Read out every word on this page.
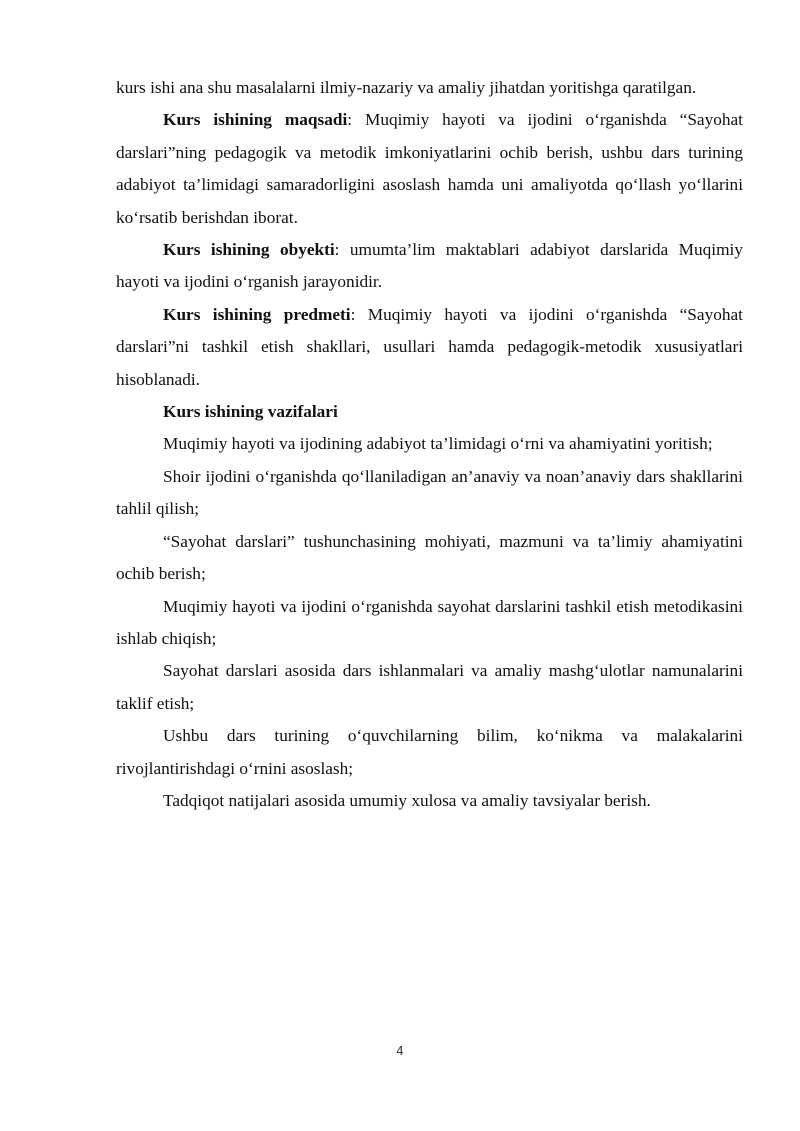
kurs ishi ana shu masalalarni ilmiy-nazariy va amaliy jihatdan yoritishga qaratilgan.

Kurs ishining maqsadi: Muqimiy hayoti va ijodini o‘rganishda “Sayohat darslari”ning pedagogik va metodik imkoniyatlarini ochib berish, ushbu dars turining adabiyot ta’limidagi samaradorligini asoslash hamda uni amaliyotda qo‘llash yo‘llarini ko‘rsatib berishdan iborat.

Kurs ishining obyekti: umumta’lim maktablari adabiyot darslarida Muqimiy hayoti va ijodini o‘rganish jarayonidir.

Kurs ishining predmeti: Muqimiy hayoti va ijodini o‘rganishda “Sayohat darslari”ni tashkil etish shakllari, usullari hamda pedagogik-metodik xususiyatlari hisoblanadi.

Kurs ishining vazifalari

Muqimiy hayoti va ijodining adabiyot ta’limidagi o‘rni va ahamiyatini yoritish;

Shoir ijodini o‘rganishda qo‘llaniladigan an’anaviy va noan’anaviy dars shakllarini tahlil qilish;

“Sayohat darslari” tushunchasining mohiyati, mazmuni va ta’limiy ahamiyatini ochib berish;

Muqimiy hayoti va ijodini o‘rganishda sayohat darslarini tashkil etish metodikasini ishlab chiqish;

Sayohat darslari asosida dars ishlanmalari va amaliy mashg‘ulotlar namunalarini taklif etish;

Ushbu dars turining o‘quvchilarning bilim, ko‘nikma va malakalarini rivojlantirishdagi o‘rnini asoslash;

Tadqiqot natijalari asosida umumiy xulosa va amaliy tavsiyalar berish.

4
